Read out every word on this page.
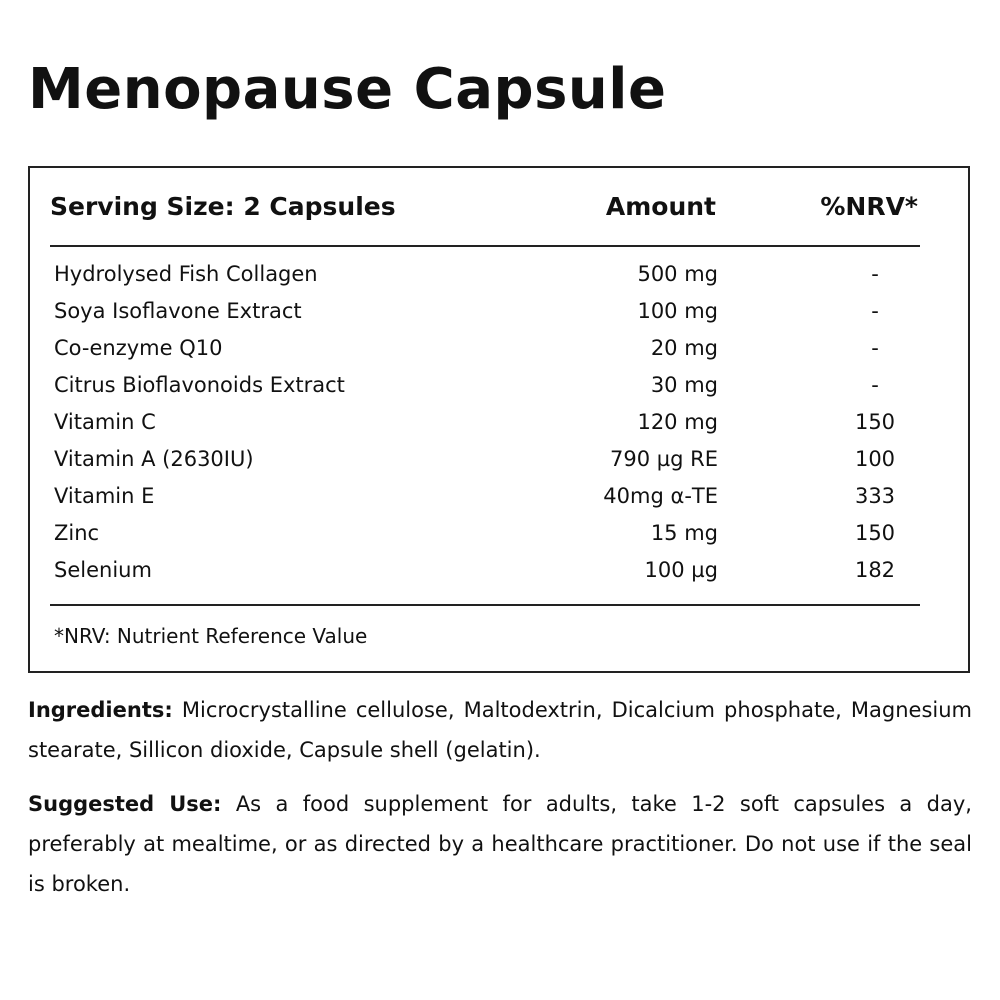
Menopause Capsule
Serving Size: 2 Capsules	Amount	%NRV*
Hydrolysed Fish Collagen	500 mg	-
Soya Isoflavone Extract	100 mg	-
Co-enzyme Q10	20 mg	-
Citrus Bioflavonoids Extract	30 mg	-
Vitamin C	120 mg	150
Vitamin A (2630IU)	790 µg RE	100
Vitamin E	40mg α-TE	333
Zinc	15 mg	150
Selenium	100 µg	182
*NRV: Nutrient Reference Value

Ingredients: Microcrystalline cellulose, Maltodextrin, Dicalcium phosphate, Magnesium stearate, Sillicon dioxide, Capsule shell (gelatin).

Suggested Use: As a food supplement for adults, take 1-2 soft capsules a day, preferably at mealtime, or as directed by a healthcare practitioner. Do not use if the seal is broken.
